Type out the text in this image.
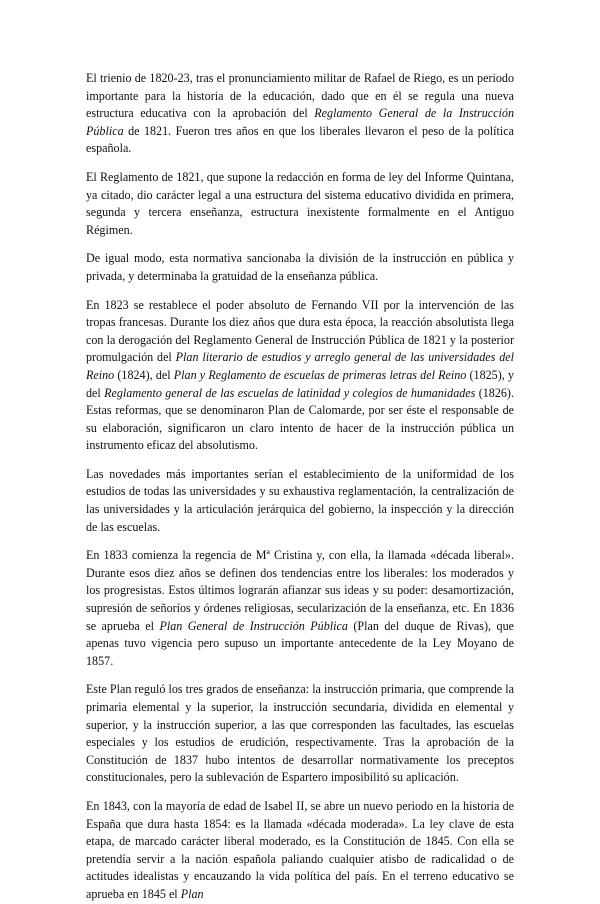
El trienio de 1820-23, tras el pronunciamiento militar de Rafael de Riego, es un periodo importante para la historia de la educación, dado que en él se regula una nueva estructura educativa con la aprobación del Reglamento General de la Instrucción Pública de 1821. Fueron tres años en que los liberales llevaron el peso de la política española.

El Reglamento de 1821, que supone la redacción en forma de ley del Informe Quintana, ya citado, dio carácter legal a una estructura del sistema educativo dividida en primera, segunda y tercera enseñanza, estructura inexistente formalmente en el Antiguo Régimen.

De igual modo, esta normativa sancionaba la división de la instrucción en pública y privada, y determinaba la gratuidad de la enseñanza pública.

En 1823 se restablece el poder absoluto de Fernando VII por la intervención de las tropas francesas. Durante los diez años que dura esta época, la reacción absolutista llega con la derogación del Reglamento General de Instrucción Pública de 1821 y la posterior promulgación del Plan literario de estudios y arreglo general de las universidades del Reino (1824), del Plan y Reglamento de escuelas de primeras letras del Reino (1825), y del Reglamento general de las escuelas de latinidad y colegios de humanidades (1826). Estas reformas, que se denominaron Plan de Calomarde, por ser éste el responsable de su elaboración, significaron un claro intento de hacer de la instrucción pública un instrumento eficaz del absolutismo.

Las novedades más importantes serían el establecimiento de la uniformidad de los estudios de todas las universidades y su exhaustiva reglamentación, la centralización de las universidades y la articulación jerárquica del gobierno, la inspección y la dirección de las escuelas.

En 1833 comienza la regencia de Mª Cristina y, con ella, la llamada «década liberal». Durante esos diez años se definen dos tendencias entre los liberales: los moderados y los progresistas. Estos últimos lograrán afianzar sus ideas y su poder: desamortización, supresión de señoríos y órdenes religiosas, secularización de la enseñanza, etc. En 1836 se aprueba el Plan General de Instrucción Pública (Plan del duque de Rivas), que apenas tuvo vigencia pero supuso un importante antecedente de la Ley Moyano de 1857.

Este Plan reguló los tres grados de enseñanza: la instrucción primaria, que comprende la primaria elemental y la superior, la instrucción secundaria, dividida en elemental y superior, y la instrucción superior, a las que corresponden las facultades, las escuelas especiales y los estudios de erudición, respectivamente. Tras la aprobación de la Constitución de 1837 hubo intentos de desarrollar normativamente los preceptos constitucionales, pero la sublevación de Espartero imposibilitó su aplicación.

En 1843, con la mayoría de edad de Isabel II, se abre un nuevo periodo en la historia de España que dura hasta 1854: es la llamada «década moderada». La ley clave de esta etapa, de marcado carácter liberal moderado, es la Constitución de 1845. Con ella se pretendía servir a la nación española paliando cualquier atisbo de radicalidad o de actitudes idealistas y encauzando la vida política del país. En el terreno educativo se aprueba en 1845 el Plan
